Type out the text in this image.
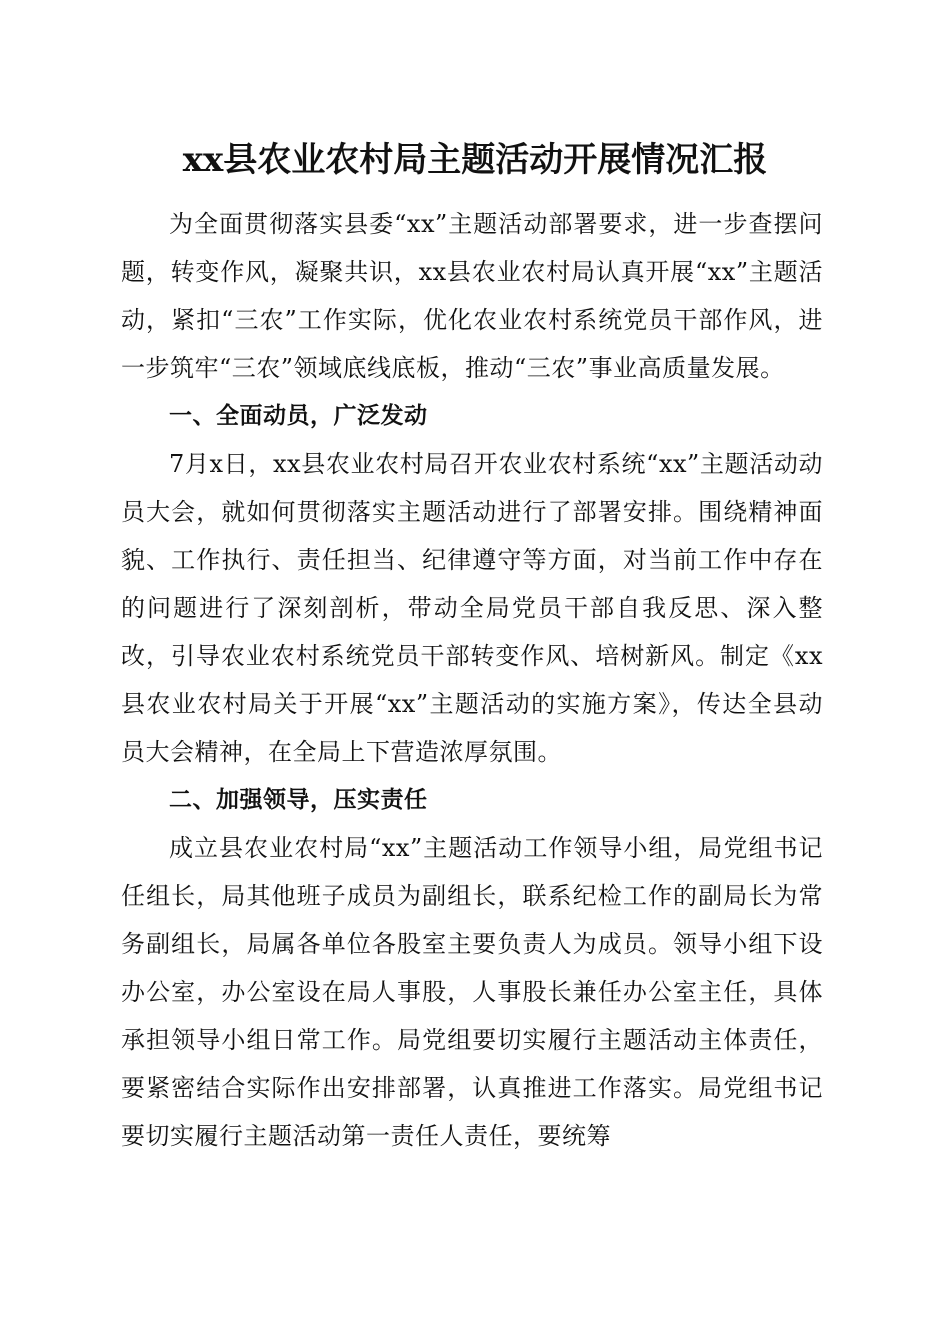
xx县农业农村局主题活动开展情况汇报

为全面贯彻落实县委“xx”主题活动部署要求，进一步查摆问题，转变作风，凝聚共识，xx县农业农村局认真开展“xx”主题活动，紧扣“三农”工作实际，优化农业农村系统党员干部作风，进一步筑牢“三农”领域底线底板，推动“三农”事业高质量发展。

一、全面动员，广泛发动

7月x日，xx县农业农村局召开农业农村系统“xx”主题活动动员大会，就如何贯彻落实主题活动进行了部署安排。围绕精神面貌、工作执行、责任担当、纪律遵守等方面，对当前工作中存在的问题进行了深刻剖析，带动全局党员干部自我反思、深入整改，引导农业农村系统党员干部转变作风、培树新风。制定《xx县农业农村局关于开展“xx”主题活动的实施方案》，传达全县动员大会精神，在全局上下营造浓厚氛围。

二、加强领导，压实责任

成立县农业农村局“xx”主题活动工作领导小组，局党组书记任组长，局其他班子成员为副组长，联系纪检工作的副局长为常务副组长，局属各单位各股室主要负责人为成员。领导小组下设办公室，办公室设在局人事股，人事股长兼任办公室主任，具体承担领导小组日常工作。局党组要切实履行主题活动主体责任，要紧密结合实际作出安排部署，认真推进工作落实。局党组书记要切实履行主题活动第一责任人责任，要统筹
